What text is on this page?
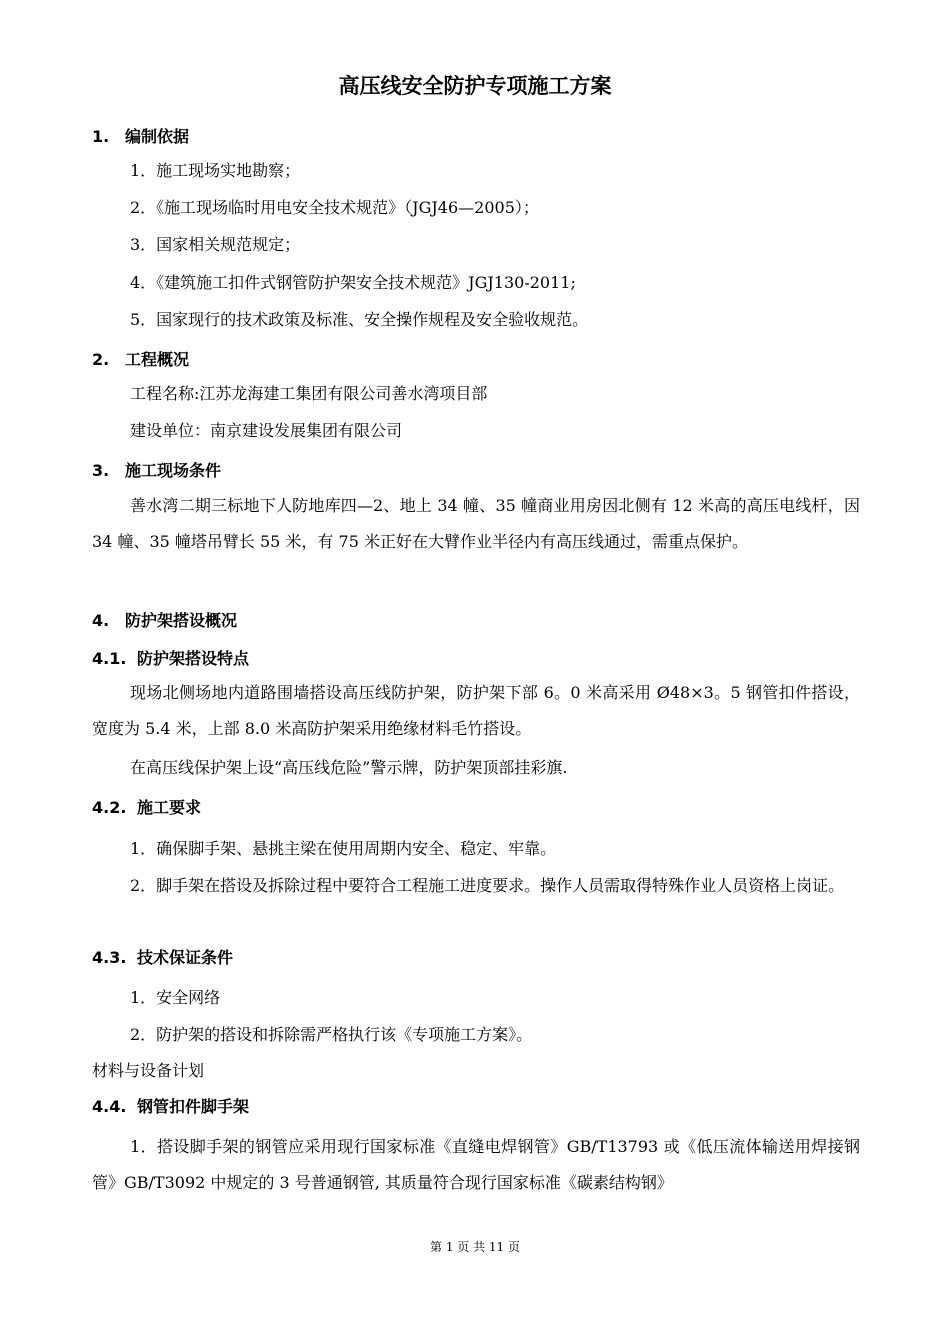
高压线安全防护专项施工方案
1. 编制依据
1．施工现场实地勘察；
2．《施工现场临时用电安全技术规范》（JGJ46—2005）；
3．国家相关规范规定；
4．《建筑施工扣件式钢管防护架安全技术规范》JGJ130-2011;
5．国家现行的技术政策及标准、安全操作规程及安全验收规范。
2. 工程概况
工程名称:江苏龙海建工集团有限公司善水湾项目部
建设单位：南京建设发展集团有限公司
3. 施工现场条件
善水湾二期三标地下人防地库四—2、地上 34 幢、35 幢商业用房因北侧有 12 米高的高压电线杆，因 34 幢、35 幢塔吊臂长 55 米，有 75 米正好在大臂作业半径内有高压线通过，需重点保护。
4. 防护架搭设概况
4.1. 防护架搭设特点
现场北侧场地内道路围墙搭设高压线防护架，防护架下部 6。0 米高采用 Ø48×3。5 钢管扣件搭设，宽度为 5.4 米，上部 8.0 米高防护架采用绝缘材料毛竹搭设。
在高压线保护架上设“高压线危险”警示牌，防护架顶部挂彩旗.
4.2. 施工要求
1．确保脚手架、悬挑主梁在使用周期内安全、稳定、牢靠。
2．脚手架在搭设及拆除过程中要符合工程施工进度要求。操作人员需取得特殊作业人员资格上岗证。
4.3. 技术保证条件
1．安全网络
2．防护架的搭设和拆除需严格执行该《专项施工方案》。
材料与设备计划
4.4. 钢管扣件脚手架
1．搭设脚手架的钢管应采用现行国家标准《直缝电焊钢管》GB/T13793 或《低压流体输送用焊接钢管》GB/T3092 中规定的 3 号普通钢管, 其质量符合现行国家标准《碳素结构钢》
第 1 页 共 11 页
